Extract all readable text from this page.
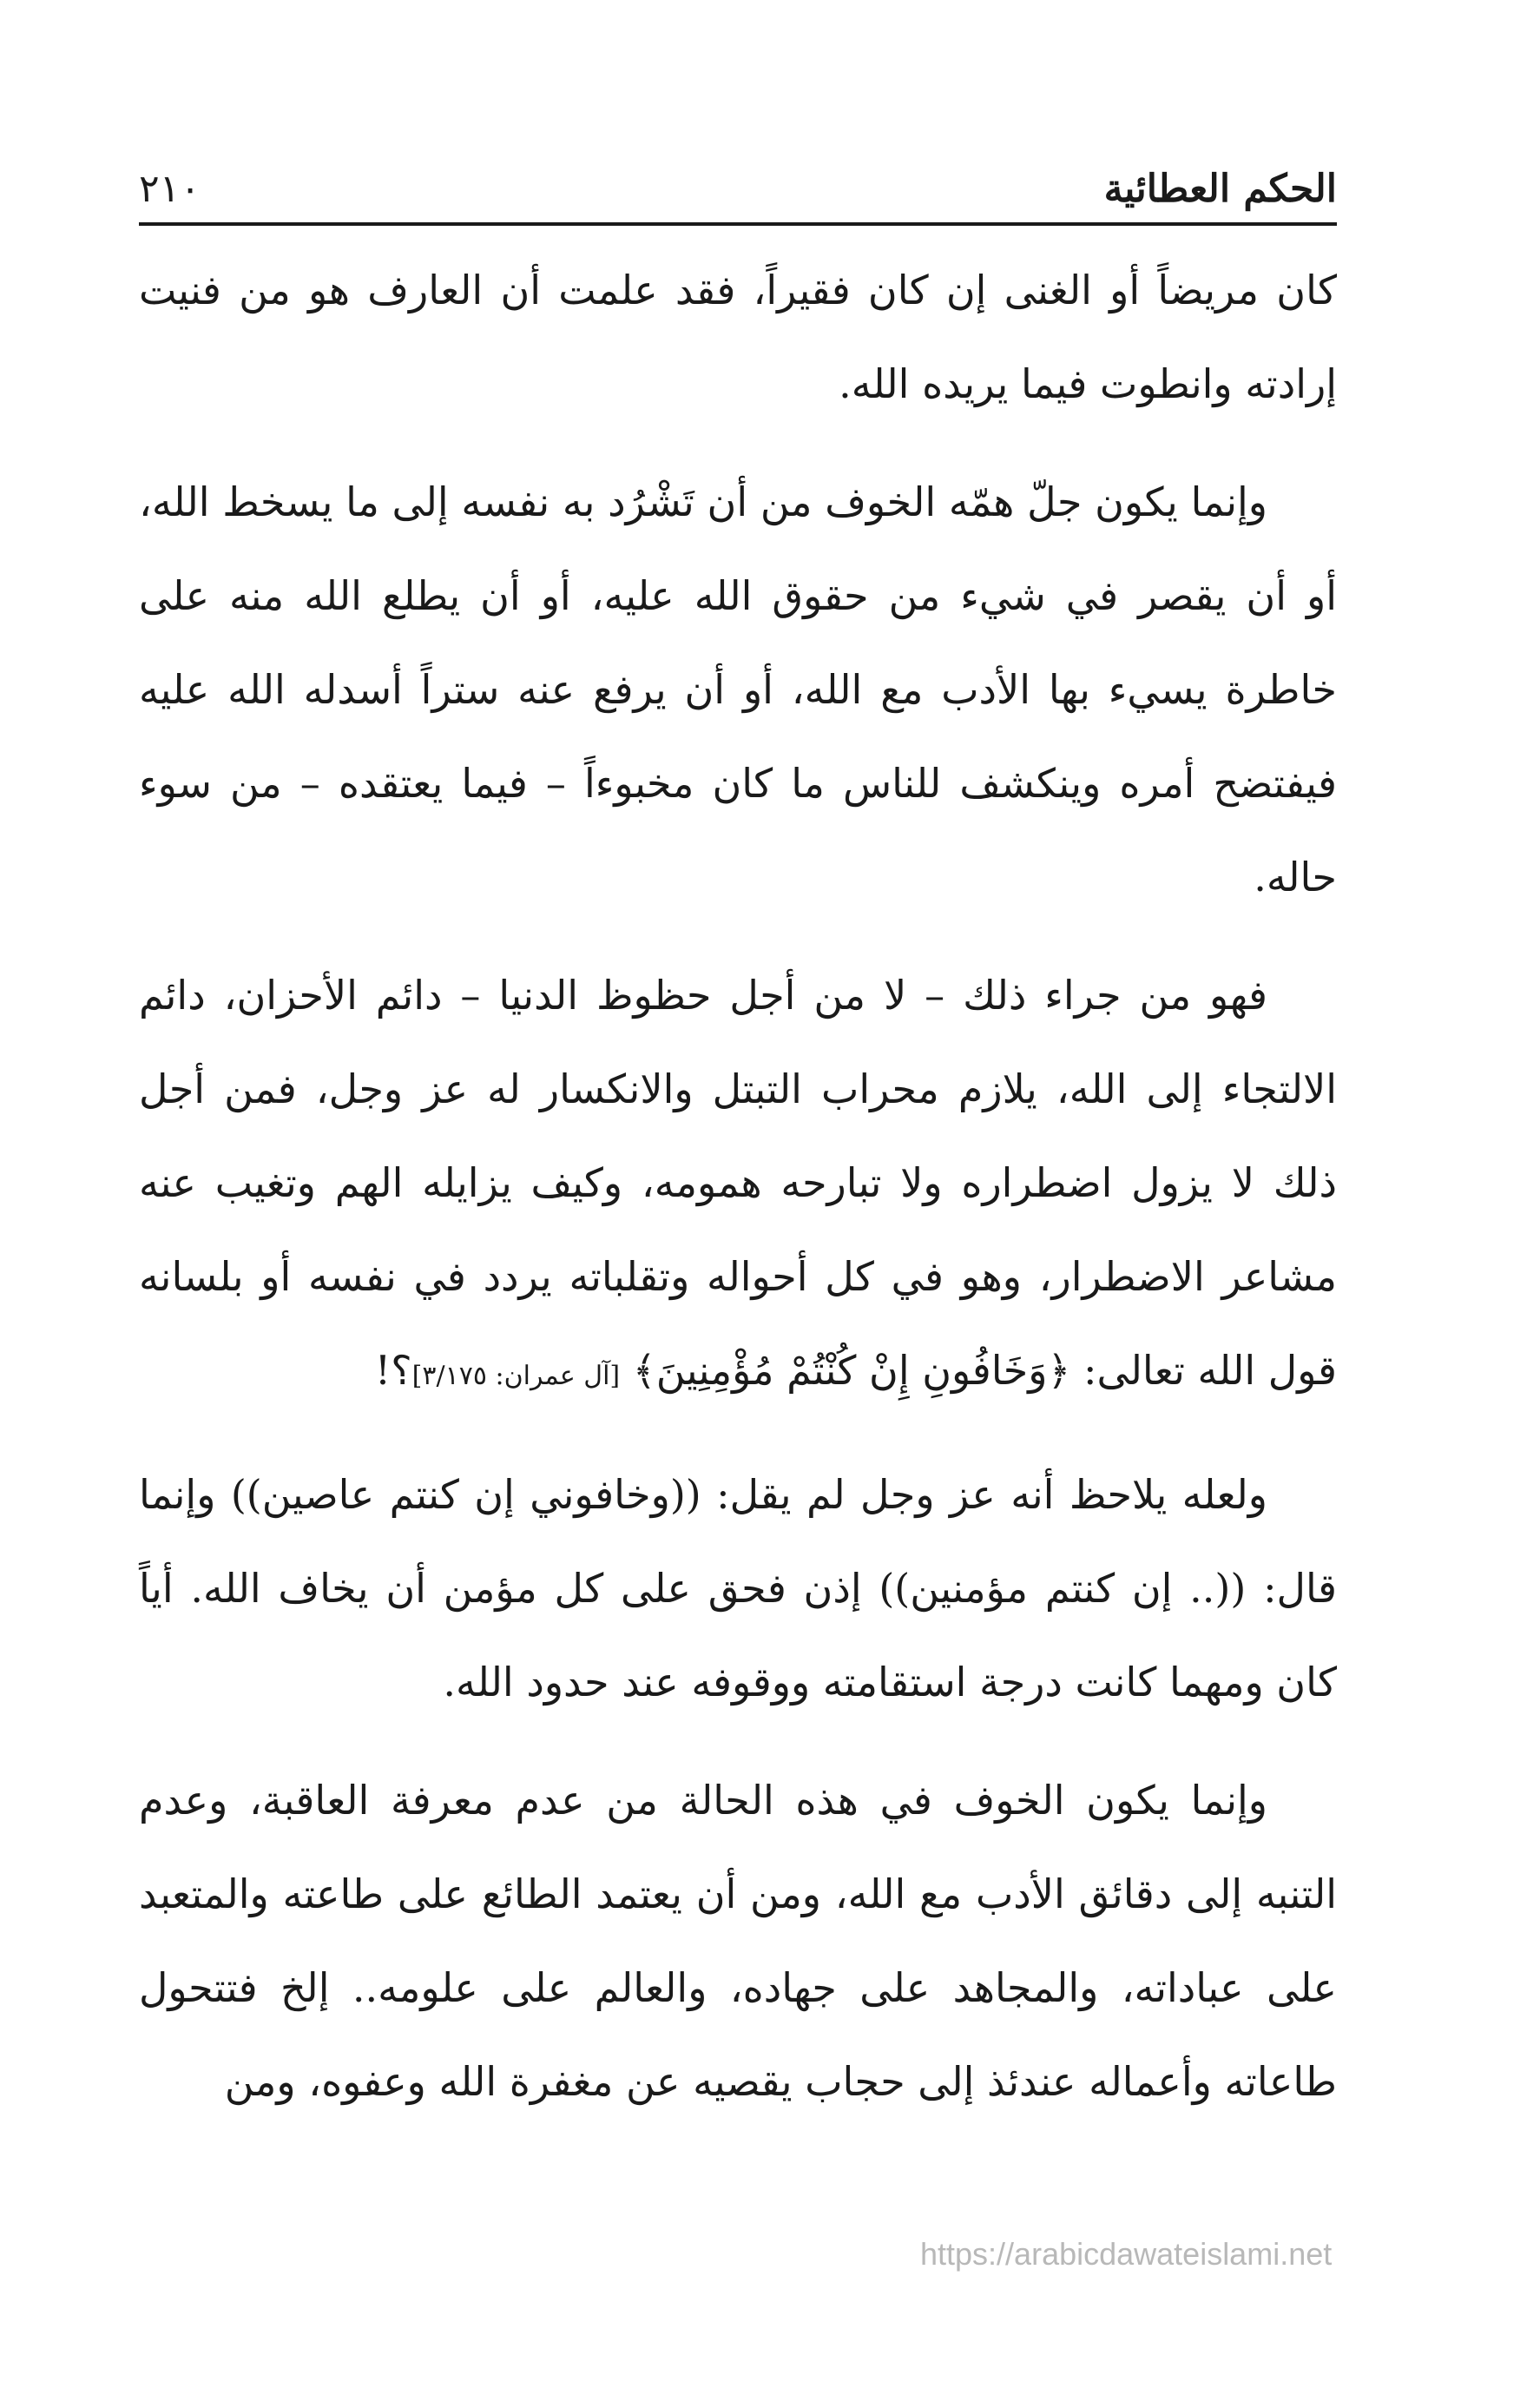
الحكم العطائية
٢١٠

كان مريضاً أو الغنى إن كان فقيراً، فقد علمت أن العارف هو من فنيت إرادته وانطوت فيما يريده الله.

وإنما يكون جلّ همّه الخوف من أن تَشْرُد به نفسه إلى ما يسخط الله، أو أن يقصر في شيء من حقوق الله عليه، أو أن يطلع الله منه على خاطرة يسيء بها الأدب مع الله، أو أن يرفع عنه ستراً أسدله الله عليه فيفتضح أمره وينكشف للناس ما كان مخبوءاً – فيما يعتقده – من سوء حاله.

فهو من جراء ذلك – لا من أجل حظوظ الدنيا – دائم الأحزان، دائم الالتجاء إلى الله، يلازم محراب التبتل والانكسار له عز وجل، فمن أجل ذلك لا يزول اضطراره ولا تبارحه همومه، وكيف يزايله الهم وتغيب عنه مشاعر الاضطرار، وهو في كل أحواله وتقلباته يردد في نفسه أو بلسانه قول الله تعالى: ﴿وَخَافُونِ إِنْ كُنْتُمْ مُؤْمِنِينَ﴾ [آل عمران: ٣/١٧٥]؟!

ولعله يلاحظ أنه عز وجل لم يقل: ((وخافوني إن كنتم عاصين)) وإنما قال: ((.. إن كنتم مؤمنين)) إذن فحق على كل مؤمن أن يخاف الله. أياً كان ومهما كانت درجة استقامته ووقوفه عند حدود الله.

وإنما يكون الخوف في هذه الحالة من عدم معرفة العاقبة، وعدم التنبه إلى دقائق الأدب مع الله، ومن أن يعتمد الطائع على طاعته والمتعبد على عباداته، والمجاهد على جهاده، والعالم على علومه.. إلخ فتتحول طاعاته وأعماله عندئذ إلى حجاب يقصيه عن مغفرة الله وعفوه، ومن

https://arabicdawateislami.net
